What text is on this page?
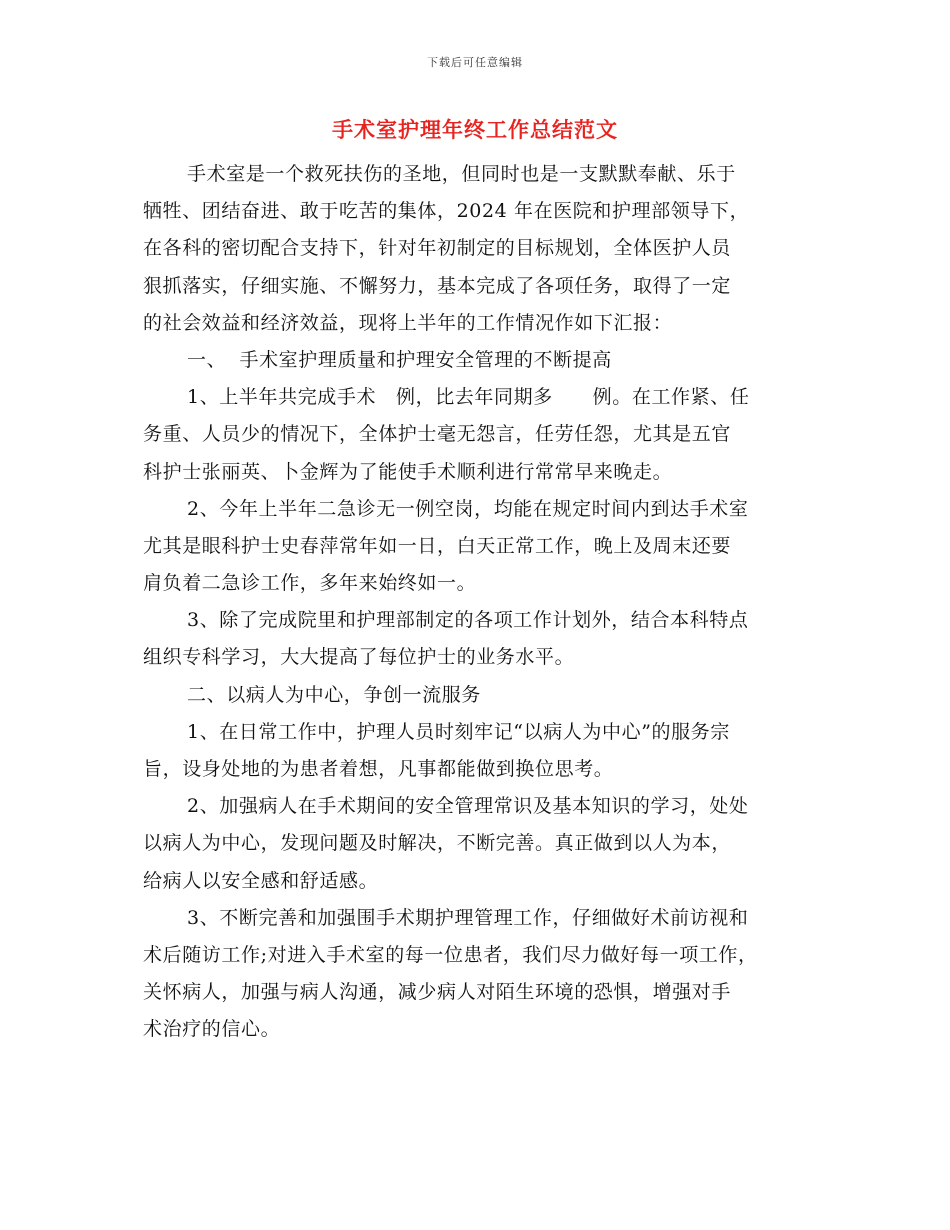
下载后可任意编辑
手术室护理年终工作总结范文
手术室是一个救死扶伤的圣地，但同时也是一支默默奉献、乐于
牺牲、团结奋进、敢于吃苦的集体，2024 年在医院和护理部领导下，
在各科的密切配合支持下，针对年初制定的目标规划，全体医护人员
狠抓落实，仔细实施、不懈努力，基本完成了各项任务，取得了一定
的社会效益和经济效益，现将上半年的工作情况作如下汇报：
一、  手术室护理质量和护理安全管理的不断提高
1、上半年共完成手术   例，比去年同期多      例。在工作紧、任
务重、人员少的情况下，全体护士毫无怨言，任劳任怨，尤其是五官
科护士张丽英、卜金辉为了能使手术顺利进行常常早来晚走。
2、今年上半年二急诊无一例空岗，均能在规定时间内到达手术室
尤其是眼科护士史春萍常年如一日，白天正常工作，晚上及周末还要
肩负着二急诊工作，多年来始终如一。
3、除了完成院里和护理部制定的各项工作计划外，结合本科特点
组织专科学习，大大提高了每位护士的业务水平。
二、以病人为中心，争创一流服务
1、在日常工作中，护理人员时刻牢记“以病人为中心”的服务宗
旨，设身处地的为患者着想，凡事都能做到换位思考。
2、加强病人在手术期间的安全管理常识及基本知识的学习，处处
以病人为中心，发现问题及时解决，不断完善。真正做到以人为本，
给病人以安全感和舒适感。
3、不断完善和加强围手术期护理管理工作，仔细做好术前访视和
术后随访工作;对进入手术室的每一位患者，我们尽力做好每一项工作，
关怀病人，加强与病人沟通，减少病人对陌生环境的恐惧，增强对手
术治疗的信心。
